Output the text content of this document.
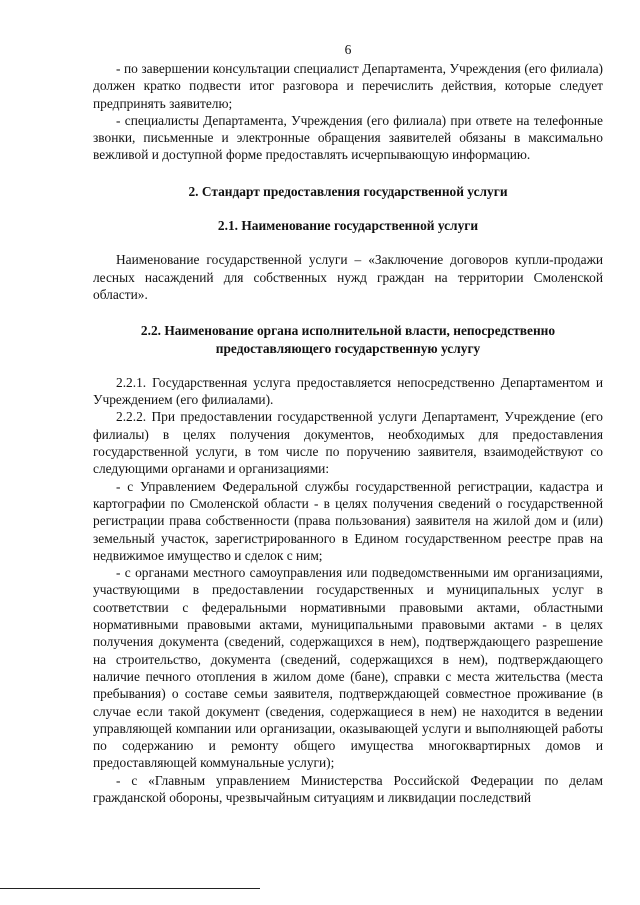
6

- по завершении консультации специалист Департамента, Учреждения (его филиала) должен кратко подвести итог разговора и перечислить действия, которые следует предпринять заявителю;

- специалисты Департамента, Учреждения (его филиала) при ответе на телефонные звонки, письменные и электронные обращения заявителей обязаны в максимально вежливой и доступной форме предоставлять исчерпывающую информацию.

2. Стандарт предоставления государственной услуги
2.1. Наименование государственной услуги

Наименование государственной услуги – «Заключение договоров купли-продажи лесных насаждений для собственных нужд граждан на территории Смоленской области».

2.2. Наименование органа исполнительной власти, непосредственно
предоставляющего государственную услугу

2.2.1. Государственная услуга предоставляется непосредственно Департаментом и Учреждением (его филиалами).

2.2.2. При предоставлении государственной услуги Департамент, Учреждение (его филиалы) в целях получения документов, необходимых для предоставления государственной услуги, в том числе по поручению заявителя, взаимодействуют со следующими органами и организациями:

- с Управлением Федеральной службы государственной регистрации, кадастра и картографии по Смоленской области - в целях получения сведений о государственной регистрации права собственности (права пользования) заявителя на жилой дом и (или) земельный участок, зарегистрированного в Едином государственном реестре прав на недвижимое имущество и сделок с ним;

- с органами местного самоуправления или подведомственными им организациями, участвующими в предоставлении государственных и муниципальных услуг в соответствии с федеральными нормативными правовыми актами, областными нормативными правовыми актами, муниципальными правовыми актами - в целях получения документа (сведений, содержащихся в нем), подтверждающего разрешение на строительство, документа (сведений, содержащихся в нем), подтверждающего наличие печного отопления в жилом доме (бане), справки с места жительства (места пребывания) о составе семьи заявителя, подтверждающей совместное проживание (в случае если такой документ (сведения, содержащиеся в нем) не находится в ведении управляющей компании или организации, оказывающей услуги и выполняющей работы по содержанию и ремонту общего имущества многоквартирных домов и предоставляющей коммунальные услуги);

- с «Главным управлением Министерства Российской Федерации по делам гражданской обороны, чрезвычайным ситуациям и ликвидации последствий
